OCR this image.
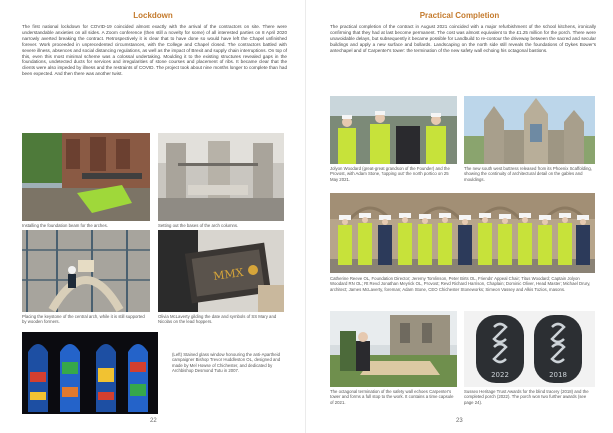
Lockdown
The first national lockdown for COVID-19 coincided almost exactly with the arrival of the contractors on site. There were understandable anxieties on all sides. A Zoom conference (then still a novelty for some) of all interested parties on 8 April 2020 narrowly averted breaking the contract. Retrospectively it is clear that to have done so would have left the Chapel unfinished forever. Work proceeded in unprecedented circumstances, with the College and Chapel closed. The contractors battled with severe illness, absences and social distancing regulations, as well as the impact of Brexit and supply chain interruptions. On top of this, even this most minimal scheme was a colossal undertaking. Moulding it to the existing structures revealed gaps in the foundations, undetected ducts for services and irregularities of stone courses and placement of ribs. It became clear that the clients were also impeded by illness and the restraints of COVID. The project took about nine months longer to complete than had been expected. And then there was another twist.
Installing the foundation beam for the arches.	Setting out the bases of the arch columns.
Placing the keystone of the central arch, while it is still supported by wooden formers.
MMX
Olivia McLaverty gilding the date and symbols of SS Mary and Nicolas on the lead hoppers.
(Left) Stained glass window honouring the anti-Apartheid campaigner Bishop Trevor Huddleston OL, designed and made by Mel Howse of Chichester, and dedicated by Archbishop Desmond Tutu in 2007.
22
Practical Completion
The practical completion of the contract in August 2021 coincided with a major refurbishment of the school kitchens, ironically confirming that they had at last become permanent. The cost was almost equivalent to the £1.25 million for the porch. There were unavoidable delays, but subsequently it became possible for Landbuild to re-contour the driveway between the sacred and secular buildings and apply a new surface and bollards. Landscaping on the north side still reveals the foundations of Dykes Bower's antechapel and of Carpenter's tower: the termination of the new safety wall echoing his octagonal bastions.
Jolyon Woodard (great-great grandson of the Founder) and the Provost, with Adam Stone, 'topping out' the north portico on 25 May 2021.
The new south west buttress released from its Phoenix Scaffolding, showing the continuity of architectural detail on the gables and mouldings.
Catherine Reeve OL, Foundation Director; Jeremy Tomlinson, Peter Birts OL, Friends' Appeal Chair; Titus Woodard; Captain Jolyon Woodard RN OL; Rt Revd Jonathan Meyrick OL, Provost; Revd Richard Harrison, Chaplain; Dominic Oliver, Head Master; Michael Drury, architect; James McLaverty, foreman; Adam Stone, CEO Chichester Stoneworks; Simeon Vassey and Alkis Tozios, masons.
The octagonal termination of the safety wall echoes Carpenter's tower and forms a full stop to the work. It contains a time capsule of 2021.
2022	2018
Sussex Heritage Trust Awards for the blind tracery (2018) and the completed porch (2022). The porch won two further awards (see page 24).
23
